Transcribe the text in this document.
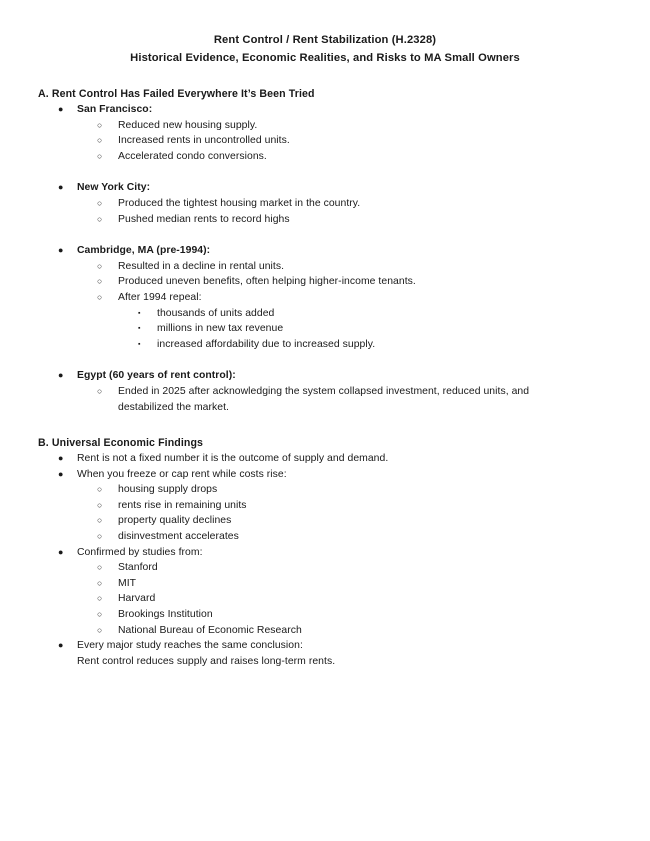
Rent Control / Rent Stabilization (H.2328)
Historical Evidence, Economic Realities, and Risks to MA Small Owners
A. Rent Control Has Failed Everywhere It’s Been Tried
● San Francisco:
○ Reduced new housing supply.
○ Increased rents in uncontrolled units.
○ Accelerated condo conversions.
● New York City:
○ Produced the tightest housing market in the country.
○ Pushed median rents to record highs
● Cambridge, MA (pre-1994):
○ Resulted in a decline in rental units.
○ Produced uneven benefits, often helping higher-income tenants.
○ After 1994 repeal:
▪ thousands of units added
▪ millions in new tax revenue
▪ increased affordability due to increased supply.
● Egypt (60 years of rent control):
○ Ended in 2025 after acknowledging the system collapsed investment, reduced units, and destabilized the market.
B. Universal Economic Findings
● Rent is not a fixed number it is the outcome of supply and demand.
● When you freeze or cap rent while costs rise:
○ housing supply drops
○ rents rise in remaining units
○ property quality declines
○ disinvestment accelerates
● Confirmed by studies from:
○ Stanford
○ MIT
○ Harvard
○ Brookings Institution
○ National Bureau of Economic Research
● Every major study reaches the same conclusion:
Rent control reduces supply and raises long-term rents.
